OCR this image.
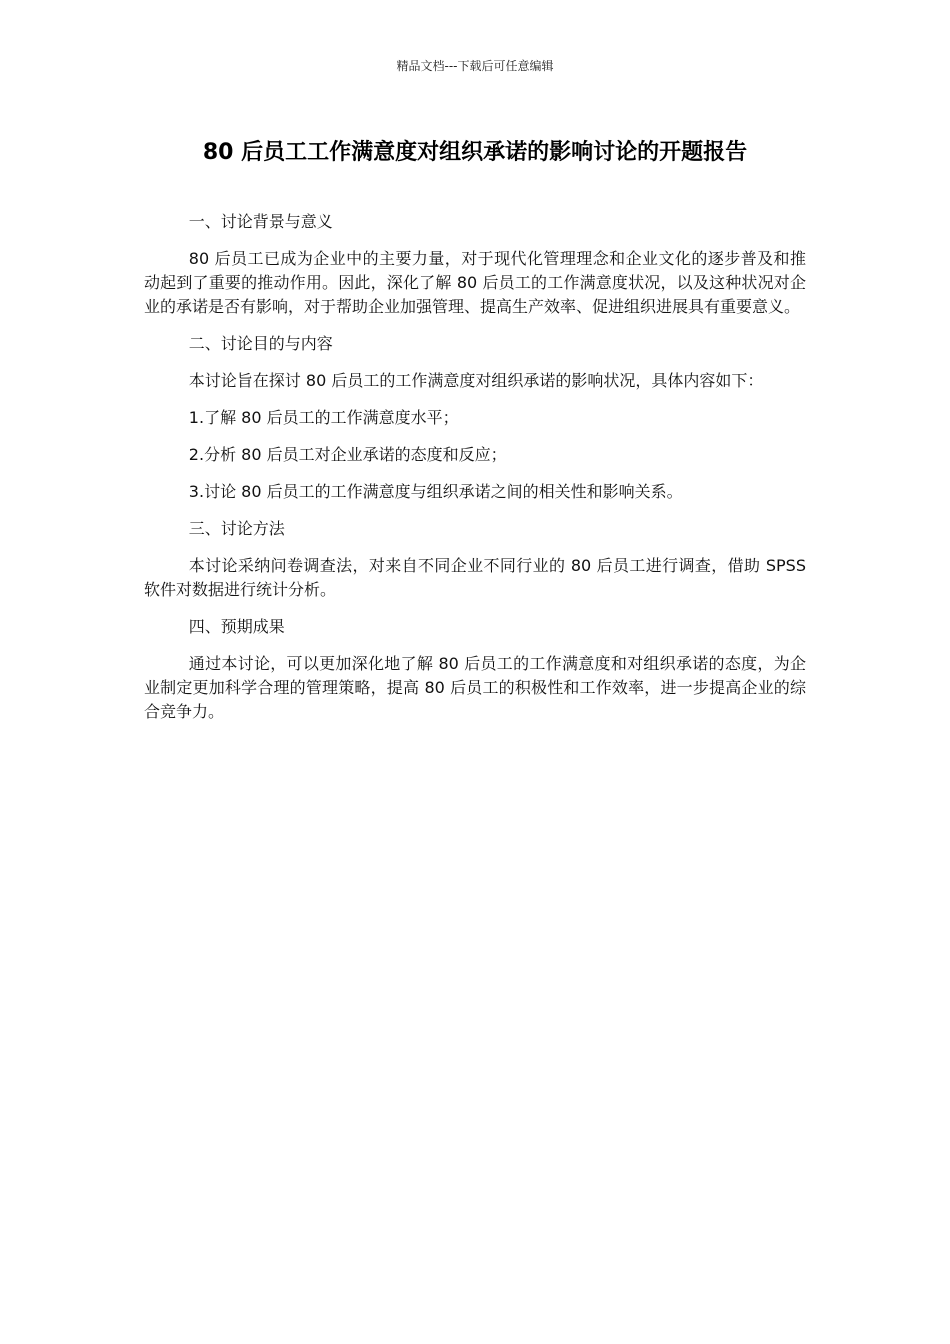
精品文档---下载后可任意编辑
80 后员工工作满意度对组织承诺的影响讨论的开题报告

一、讨论背景与意义

80 后员工已成为企业中的主要力量，对于现代化管理理念和企业文化的逐步普及和推动起到了重要的推动作用。因此，深化了解 80 后员工的工作满意度状况，以及这种状况对企业的承诺是否有影响，对于帮助企业加强管理、提高生产效率、促进组织进展具有重要意义。

二、讨论目的与内容

本讨论旨在探讨 80 后员工的工作满意度对组织承诺的影响状况，具体内容如下：

1.了解 80 后员工的工作满意度水平；

2.分析 80 后员工对企业承诺的态度和反应；

3.讨论 80 后员工的工作满意度与组织承诺之间的相关性和影响关系。

三、讨论方法

本讨论采纳问卷调查法，对来自不同企业不同行业的 80 后员工进行调查，借助 SPSS 软件对数据进行统计分析。

四、预期成果

通过本讨论，可以更加深化地了解 80 后员工的工作满意度和对组织承诺的态度，为企业制定更加科学合理的管理策略，提高 80 后员工的积极性和工作效率，进一步提高企业的综合竞争力。
